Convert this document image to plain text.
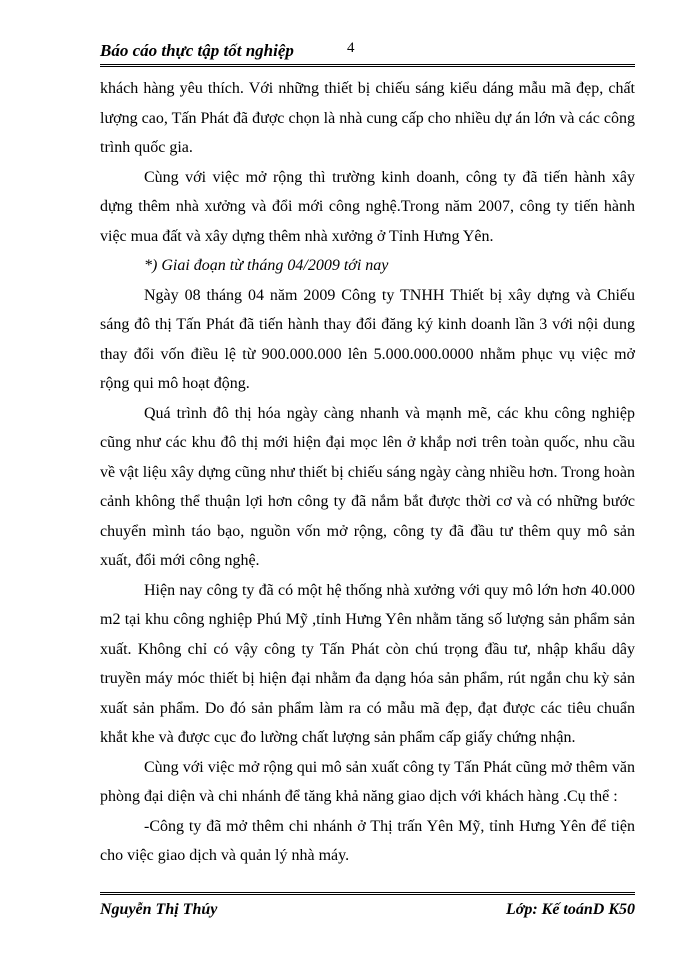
Báo cáo thực tập tốt nghiệp	4

khách hàng yêu thích. Với những thiết bị chiếu sáng kiểu dáng mẫu mã đẹp, chất lượng cao, Tấn Phát đã được chọn là nhà cung cấp cho nhiều dự án lớn và các công trình quốc gia.

Cùng với việc mở rộng thì trường kinh doanh, công ty đã tiến hành xây dựng thêm nhà xưởng và đổi mới công nghệ.Trong năm 2007, công ty tiến hành việc mua đất và xây dựng thêm nhà xưởng ở Tỉnh Hưng Yên.

*) Giai đoạn từ tháng 04/2009 tới nay

Ngày 08 tháng 04 năm 2009 Công ty TNHH Thiết bị xây dựng và Chiếu sáng đô thị Tấn Phát đã tiến hành thay đổi đăng ký kinh doanh lần 3 với nội dung thay đổi vốn điều lệ từ 900.000.000 lên 5.000.000.0000 nhằm phục vụ việc mở rộng qui mô hoạt động.

Quá trình đô thị hóa ngày càng nhanh và mạnh mẽ, các khu công nghiệp cũng như các khu đô thị mới hiện đại mọc lên ở khắp nơi trên toàn quốc, nhu cầu về vật liệu xây dựng cũng như thiết bị chiếu sáng ngày càng nhiều hơn. Trong hoàn cảnh không thể thuận lợi hơn công ty đã nắm bắt được thời cơ và có những bước chuyển mình táo bạo, nguồn vốn mở rộng, công ty đã đầu tư thêm quy mô sản xuất, đổi mới công nghệ.

Hiện nay công ty đã có một hệ thống nhà xưởng với quy mô lớn hơn 40.000 m2 tại khu công nghiệp Phú Mỹ ,tỉnh Hưng Yên nhằm tăng số lượng sản phẩm sản xuất. Không chỉ có vậy công ty Tấn Phát còn chú trọng đầu tư, nhập khẩu dây truyền máy móc thiết bị hiện đại nhằm đa dạng hóa sản phẩm, rút ngắn chu kỳ sản xuất sản phẩm. Do đó sản phẩm làm ra có mẫu mã đẹp, đạt được các tiêu chuẩn khắt khe và được cục đo lường chất lượng sản phẩm cấp giấy chứng nhận.

Cùng với việc mở rộng qui mô sản xuất công ty Tấn Phát cũng mở thêm văn phòng đại diện và chi nhánh để tăng khả năng giao dịch với khách hàng .Cụ thể :

-Công ty đã mở thêm chi nhánh ở Thị trấn Yên Mỹ, tỉnh Hưng Yên để tiện cho việc giao dịch và quản lý nhà máy.

Nguyễn Thị Thúy	Lớp: Kế toánD K50
